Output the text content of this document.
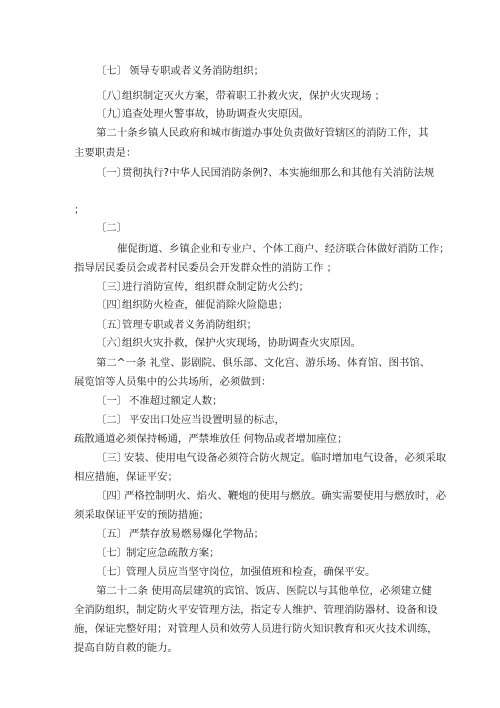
〔七〕 领导专职或者义务消防组织；
〔八〕组织制定灭火方案，带着职工扑救火灾，保护火灾现场 ；
〔九〕追查处理火警事故，协助调查火灾原因。
第二十条乡镇人民政府和城市街道办事处负责做好管辖区的消防工作，其
主要职责是：
〔一〕贯彻执行?中华人民国消防条例?、本实施细那么和其他有关消防法规
；
〔二〕
催促街道、乡镇企业和专业户、个体工商户、经济联合体做好消防工作；
指导居民委员会或者村民委员会开发群众性的消防工作 ；
〔三〕进行消防宣传，组织群众制定防火公约；
〔四〕组织防火检查，催促消除火险隐患；
〔五〕管理专职或者义务消防组织；
〔六〕组织火灾扑救，保护火灾现场，协助调查火灾原因。
第二^一条 礼堂、影剧院、俱乐部、文化宫、游乐场、体育馆、图书馆、
展览馆等人员集中的公共场所，必须做到：
〔一〕 不准超过额定人数；
〔二〕 平安出口处应当设置明显的标志，
疏散通道必须保持畅通，严禁堆放任 何物品或者增加座位；
〔三〕安装、使用电气设备必须符合防火规定。临时增加电气设备，必须采取
相应措施，保证平安；
〔四〕严格控制明火、焰火、鞭炮的使用与燃放。确实需要使用与燃放时，必
须采取保证平安的预防措施；
〔五〕 严禁存放易燃易爆化学物品；
〔七〕制定应急疏散方案；
〔七〕管理人员应当坚守岗位，加强值班和检查，确保平安。
第二十二条 使用高层建筑的宾馆、饭店、医院以与其他单位，必须建立健
全消防组织，制定防火平安管理方法，指定专人维护、管理消防器材、设备和设
施，保证完整好用；对管理人员和效劳人员进行防火知识教育和灭火技术训练，
提高自防自救的能力。
